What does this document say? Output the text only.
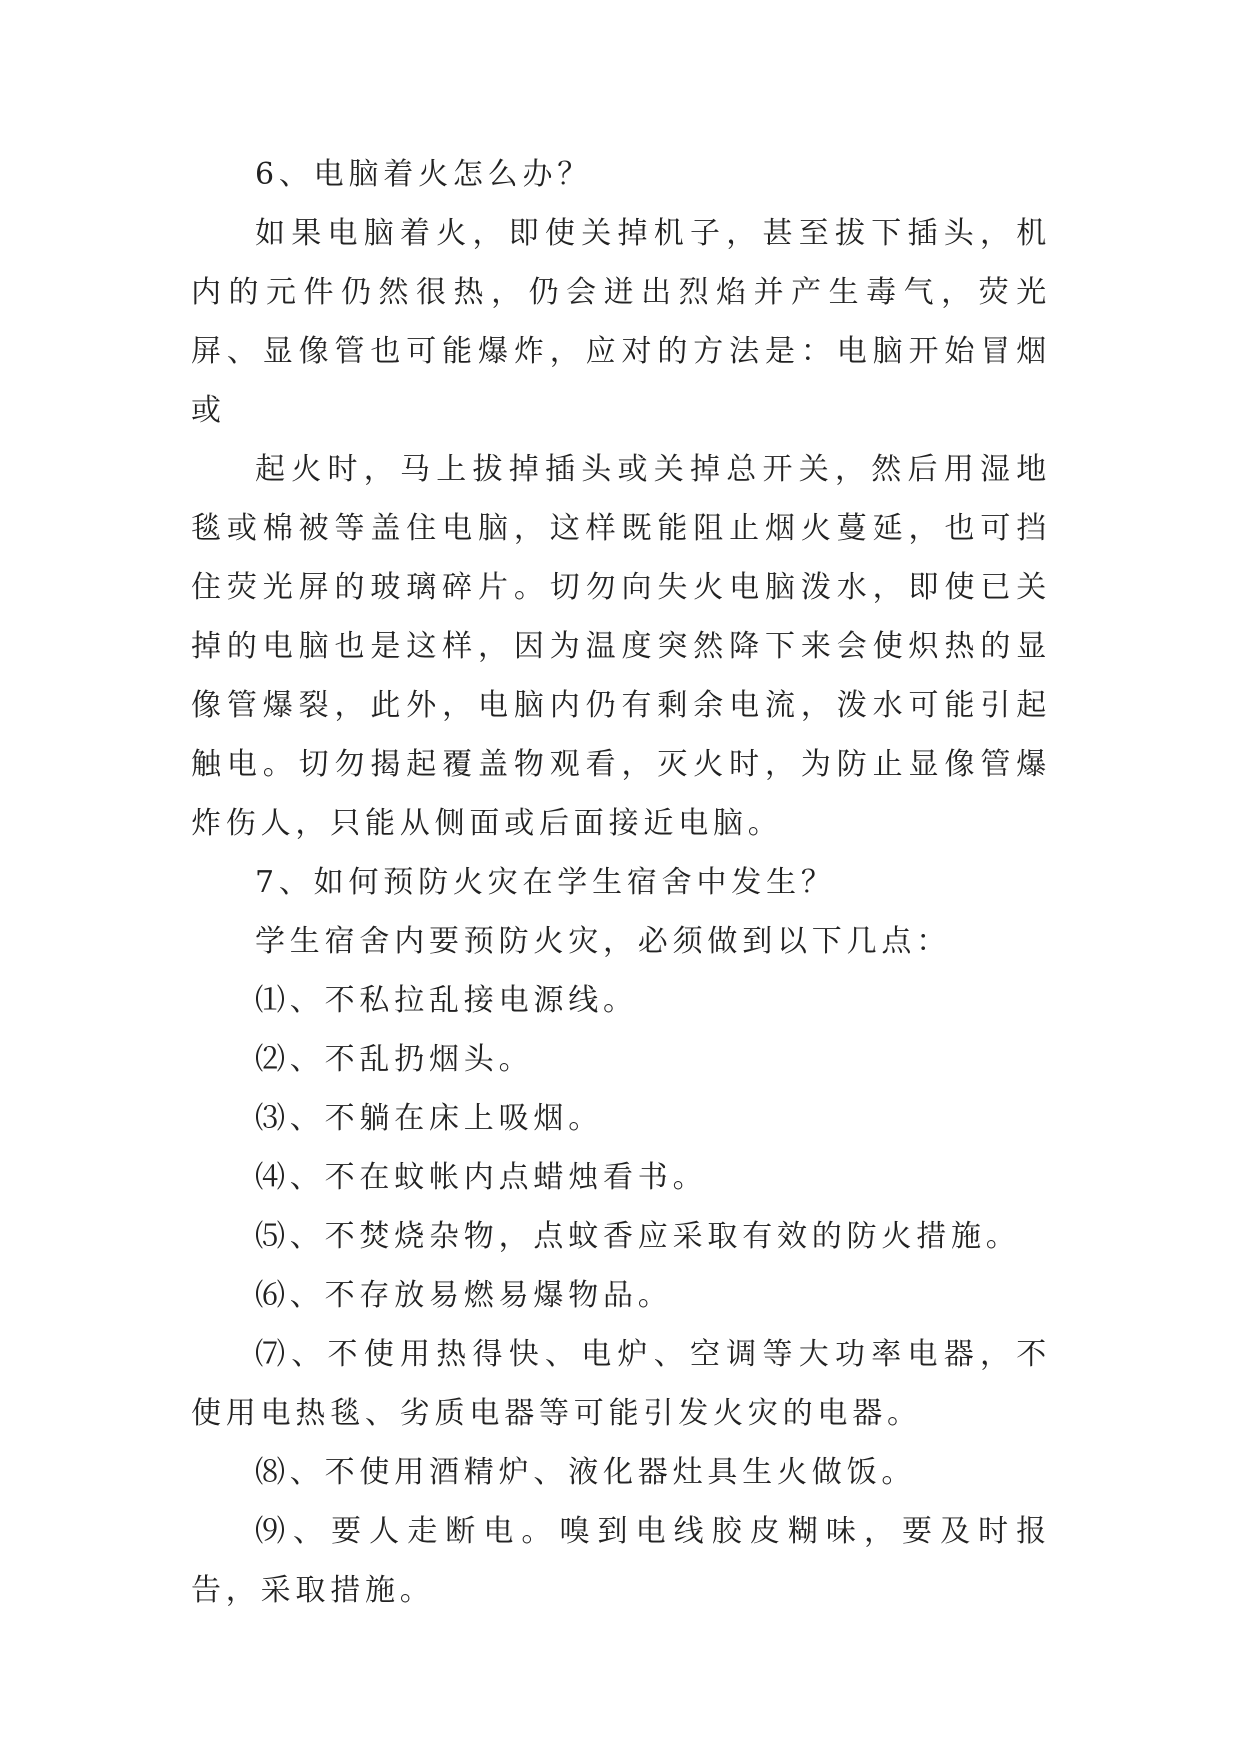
6、电脑着火怎么办？

如果电脑着火，即使关掉机子，甚至拔下插头，机内的元件仍然很热，仍会迸出烈焰并产生毒气，荧光屏、显像管也可能爆炸，应对的方法是：电脑开始冒烟或

起火时，马上拔掉插头或关掉总开关，然后用湿地毯或棉被等盖住电脑，这样既能阻止烟火蔓延，也可挡住荧光屏的玻璃碎片。切勿向失火电脑泼水，即使已关掉的电脑也是这样，因为温度突然降下来会使炽热的显像管爆裂，此外，电脑内仍有剩余电流，泼水可能引起触电。切勿揭起覆盖物观看，灭火时，为防止显像管爆炸伤人，只能从侧面或后面接近电脑。

7、如何预防火灾在学生宿舍中发生？

学生宿舍内要预防火灾，必须做到以下几点：

⑴、不私拉乱接电源线。

⑵、不乱扔烟头。

⑶、不躺在床上吸烟。

⑷、不在蚊帐内点蜡烛看书。

⑸、不焚烧杂物，点蚊香应采取有效的防火措施。

⑹、不存放易燃易爆物品。

⑺、不使用热得快、电炉、空调等大功率电器，不使用电热毯、劣质电器等可能引发火灾的电器。

⑻、不使用酒精炉、液化器灶具生火做饭。

⑼、要人走断电。嗅到电线胶皮糊味，要及时报告，采取措施。
